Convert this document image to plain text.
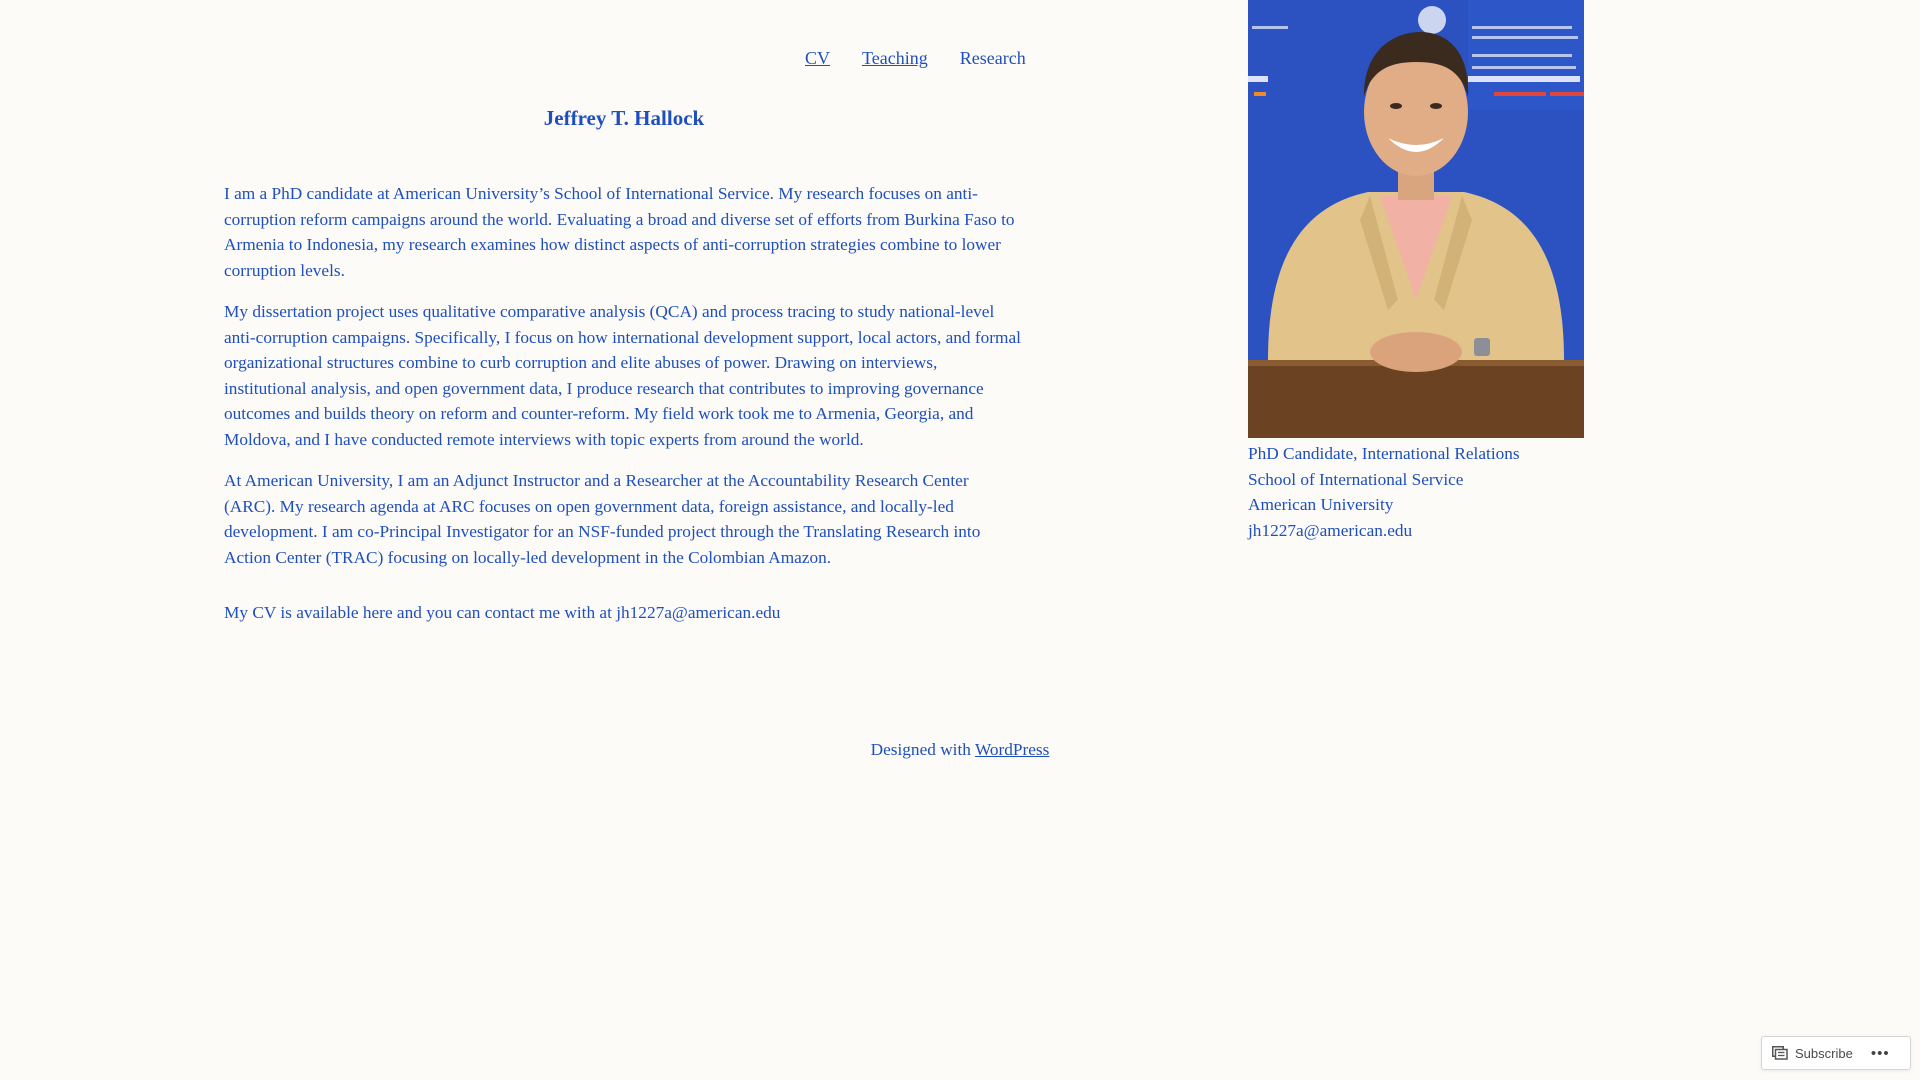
CV Teaching Research
Jeffrey T. Hallock

I am a PhD candidate at American University’s School of International Service. My research focuses on anti-corruption reform campaigns around the world. Evaluating a broad and diverse set of efforts from Burkina Faso to Armenia to Indonesia, my research examines how distinct aspects of anti-corruption strategies combine to lower corruption levels.

My dissertation project uses qualitative comparative analysis (QCA) and process tracing to study national-level anti-corruption campaigns. Specifically, I focus on how international development support, local actors, and formal organizational structures combine to curb corruption and elite abuses of power. Drawing on interviews, institutional analysis, and open government data, I produce research that contributes to improving governance outcomes and builds theory on reform and counter-reform. My field work took me to Armenia, Georgia, and Moldova, and I have conducted remote interviews with topic experts from around the world.

At American University, I am an Adjunct Instructor and a Researcher at the Accountability Research Center (ARC). My research agenda at ARC focuses on open government data, foreign assistance, and locally-led development. I am co-Principal Investigator for an NSF-funded project through the Translating Research into Action Center (TRAC) focusing on locally-led development in the Colombian Amazon.

My CV is available here and you can contact me with at jh1227a@american.edu

PhD Candidate, International Relations
School of International Service
American University
jh1227a@american.edu
Designed with WordPress
Subscribe •••
